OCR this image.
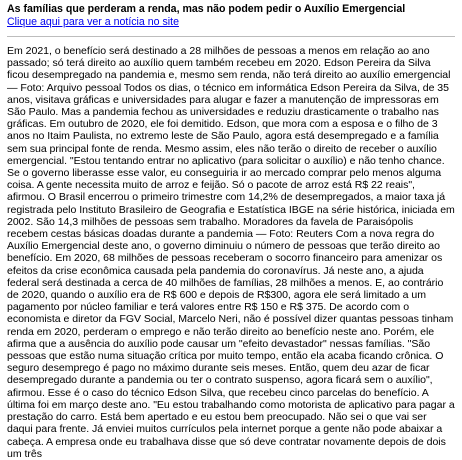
As famílias que perderam a renda, mas não podem pedir o Auxílio Emergencial
Clique aqui para ver a notícia no site
Em 2021, o benefício será destinado a 28 milhões de pessoas a menos em relação ao ano passado; só terá direito ao auxílio quem também recebeu em 2020. Edson Pereira da Silva ficou desempregado na pandemia e, mesmo sem renda, não terá direito ao auxílio emergencial — Foto: Arquivo pessoal Todos os dias, o técnico em informática Edson Pereira da Silva, de 35 anos, visitava gráficas e universidades para alugar e fazer a manutenção de impressoras em São Paulo. Mas a pandemia fechou as universidades e reduziu drasticamente o trabalho nas gráficas. Em outubro de 2020, ele foi demitido. Edson, que mora com a esposa e o filho de 3 anos no Itaim Paulista, no extremo leste de São Paulo, agora está desempregado e a família sem sua principal fonte de renda. Mesmo assim, eles não terão o direito de receber o auxílio emergencial. "Estou tentando entrar no aplicativo (para solicitar o auxílio) e não tenho chance. Se o governo liberasse esse valor, eu conseguiria ir ao mercado comprar pelo menos alguma coisa. A gente necessita muito de arroz e feijão. Só o pacote de arroz está R$ 22 reais", afirmou. O Brasil encerrou o primeiro trimestre com 14,2% de desempregados, a maior taxa já registrada pelo Instituto Brasileiro de Geografia e Estatística IBGE na série histórica, iniciada em 2002. São 14,3 milhões de pessoas sem trabalho. Moradores da favela de Paraisópolis recebem cestas básicas doadas durante a pandemia — Foto: Reuters Com a nova regra do Auxílio Emergencial deste ano, o governo diminuiu o número de pessoas que terão direito ao benefício. Em 2020, 68 milhões de pessoas receberam o socorro financeiro para amenizar os efeitos da crise econômica causada pela pandemia do coronavírus. Já neste ano, a ajuda federal será destinada a cerca de 40 milhões de famílias, 28 milhões a menos. E, ao contrário de 2020, quando o auxílio era de R$ 600 e depois de R$300, agora ele será limitado a um pagamento por núcleo familiar e terá valores entre R$ 150 e R$ 375. De acordo com o economista e diretor da FGV Social, Marcelo Neri, não é possível dizer quantas pessoas tinham renda em 2020, perderam o emprego e não terão direito ao benefício neste ano. Porém, ele afirma que a ausência do auxílio pode causar um "efeito devastador" nessas famílias. "São pessoas que estão numa situação crítica por muito tempo, então ela acaba ficando crônica. O seguro desemprego é pago no máximo durante seis meses. Então, quem deu azar de ficar desempregado durante a pandemia ou ter o contrato suspenso, agora ficará sem o auxílio", afirmou. Esse é o caso do técnico Edson Silva, que recebeu cinco parcelas do benefício. A última foi em março deste ano. "Eu estou trabalhando como motorista de aplicativo para pagar a prestação do carro. Está bem apertado e eu estou bem preocupado. Não sei o que vai ser daqui para frente. Já enviei muitos currículos pela internet porque a gente não pode abaixar a cabeça. A empresa onde eu trabalhava disse que só deve contratar novamente depois de dois um três
